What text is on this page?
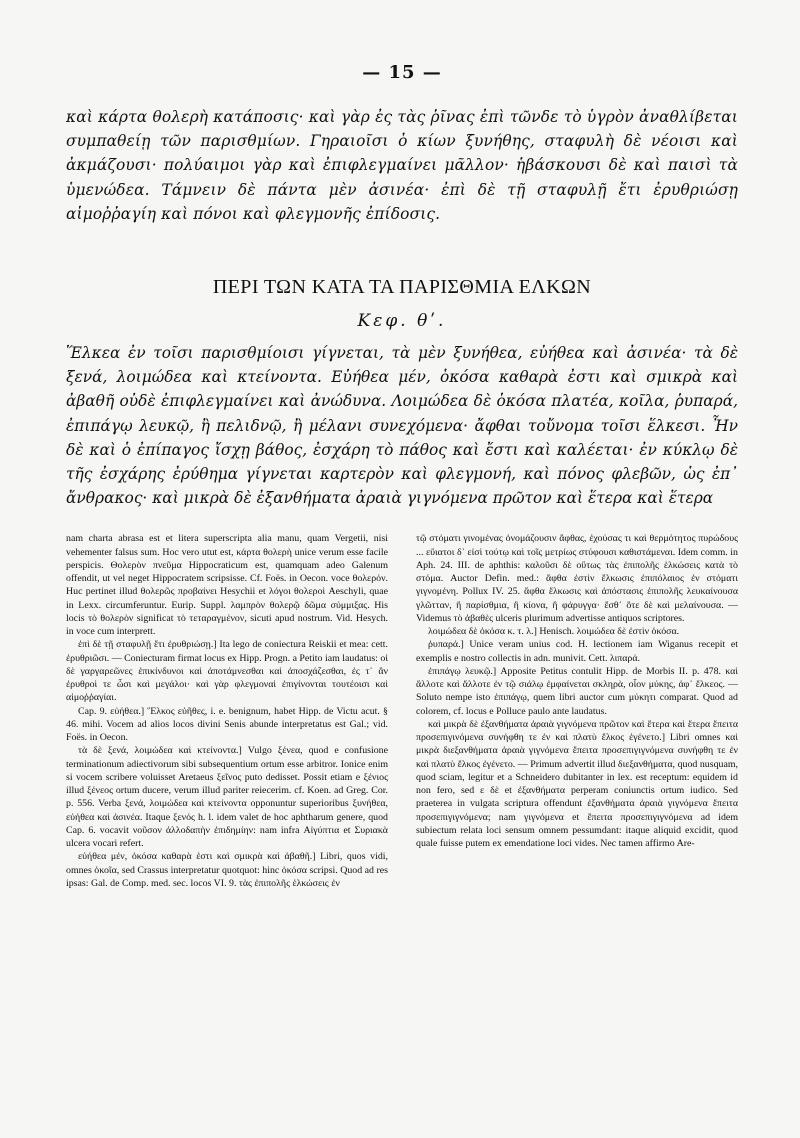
— 15 —

καὶ κάρτα θολερὴ κατάποσις· καὶ γὰρ ἐς τὰς ῥῖνας ἐπὶ τῶνδε τὸ ὑγρὸν ἀναθλίβεται συμπαθείῃ τῶν παρισθμίων. Γηραιοῖσι ὁ κίων ξυνήθης, σταφυλὴ δὲ νέοισι καὶ ἀκμάζουσι· πολύαιμοι γὰρ καὶ ἐπιφλεγμαίνει μᾶλλον· ἡβάσκουσι δὲ καὶ παισὶ τὰ ὑμενώδεα. Τάμνειν δὲ πάντα μὲν ἀσινέα· ἐπὶ δὲ τῇ σταφυλῇ ἔτι ἐρυθριώσῃ αἱμοῤῥαγίη καὶ πόνοι καὶ φλεγμονῆς ἐπίδοσις.

ΠΕΡΙ ΤΩΝ ΚΑΤΑ ΤΑ ΠΑΡΙΣΘΜΙΑ ΕΛΚΩΝ
Κεφ. θʹ.

Ἕλκεα ἐν τοῖσι παρισθμίοισι γίγνεται, τὰ μὲν ξυνήθεα, εὐήθεα καὶ ἀσινέα· τὰ δὲ ξενά, λοιμώδεα καὶ κτείνοντα. Εὐήθεα μέν, ὁκόσα καθαρὰ ἐστι καὶ σμικρὰ καὶ ἀβαθῆ οὐδὲ ἐπιφλεγμαίνει καὶ ἀνώδυνα. Λοιμώδεα δὲ ὁκόσα πλατέα, κοῖλα, ῥυπαρά, ἐπιπάγῳ λευκῷ, ἢ πελιδνῷ, ἢ μέλανι συνεχόμενα· ἄφθαι τοὔνομα τοῖσι ἕλκεσι. Ἦν δὲ καὶ ὁ ἐπίπαγος ἴσχῃ βάθος, ἐσχάρη τὸ πάθος καὶ ἔστι καὶ καλέεται· ἐν κύκλῳ δὲ τῆς ἐσχάρης ἐρύθημα γίγνεται καρτερὸν καὶ φλεγμονή, καὶ πόνος φλεβῶν, ὡς ἐπ᾽ ἄνθρακος· καὶ μικρὰ δὲ ἐξανθήματα ἀραιὰ γιγνόμενα πρῶτον καὶ ἕτερα καὶ ἕτερα

nam charta abrasa est et litera superscripta alia manu, quam Vergetii, nisi vehementer falsus sum. Hoc vero utut est, κάρτα θολερὴ unice verum esse facile perspicis. Θολερὸν πνεῦμα Hippocraticum est, quamquam adeo Galenum offendit, ut vel neget Hippocratem scripsisse. Cf. Foës. in Oecon. voce θολερόν. Huc pertinet illud θολερῶς προβαίνει Hesychii et λόγοι θολεροὶ Aeschyli, quae in Lexx. circumferuntur. Eurip. Suppl. λαμπρὸν θολερῷ δῶμα σύμμιξας. His locis τὸ θολερὸν significat τὸ τεταραγμένον, sicuti apud nostrum. Vid. Hesych. in voce cum interprett.

ἐπὶ δὲ τῇ σταφυλῇ ἔτι ἐρυθριώσῃ.] Ita lego de coniectura Reiskii et mea: cett. ἐρυθριῶσι. — Coniecturam firmat locus ex Hipp. Progn. a Petito iam laudatus: οἱ δὲ γαργαρεῶνες ἐπικίνδυνοι καὶ ἀποτάμνεσθαι καὶ ἀποσχάζεσθαι, ἐς τ᾽ ἂν ἐρυθροὶ τε ὦσι καὶ μεγάλοι· καὶ γὰρ φλεγμοναὶ ἐπιγίνονται τουτέοισι καὶ αἱμοῤῥαγίαι.

Cap. 9. εὐήθεα.] Ἕλκος εὐῆθες, i. e. benignum, habet Hipp. de Victu acut. § 46. mihi. Vocem ad alios locos divini Senis abunde interpretatus est Gal.; vid. Foës. in Oecon.

τὰ δὲ ξενά, λοιμώδεα καὶ κτείνοντα.] Vulgo ξένεα, quod e confusione terminationum adiectivorum sibi subsequentium ortum esse arbitror. Ionice enim si vocem scribere voluisset Aretaeus ξεῖνος puto dedisset. Possit etiam e ξένιος illud ξένεος ortum ducere, verum illud pariter reiecerim. cf. Koen. ad Greg. Cor. p. 556. Verba ξενά, λοιμώδεα καὶ κτείνοντα opponuntur superioribus ξυνήθεα, εὐήθεα καὶ ἀσινέα. Itaque ξενός h. l. idem valet de hoc aphtharum genere, quod Cap. 6. vocavit νοῦσον ἀλλοδαπὴν ἐπιδημίην: nam infra Αἰγύπτια et Συριακὰ ulcera vocari refert.

εὐήθεα μέν, ὁκόσα καθαρὰ ἐστι καὶ σμικρὰ καὶ ἀβαθῆ.] Libri, quos vidi, omnes ὁκοῖα, sed Crassus interpretatur quotquot: hinc ὁκόσα scripsi. Quod ad res ipsas: Gal. de Comp. med. sec. locos VI. 9. τὰς ἐπιπολῆς ἑλκώσεις ἐν

τῷ στόματι γινομένας ὀνομάζουσιν ἄφθας, ἐχούσας τι καὶ θερμότητος πυρώδους ... εὔιατοι δ᾽ εἰσὶ τούτῳ καὶ τοῖς μετρίως στύφουσι καθιστάμεναι. Idem comm. in Aph. 24. III. de aphthis: καλοῦσι δὲ οὕτως τὰς ἐπιπολῆς ἑλκώσεις κατὰ τὸ στόμα. Auctor Defin. med.: ἄφθα ἐστὶν ἕλκωσις ἐπιπόλαιος ἐν στόματι γιγνομένη. Pollux IV. 25. ἄφθα ἕλκωσις καὶ ἀπόστασις ἐπιπολῆς λευκαίνουσα γλῶτταν, ἢ παρίσθμια, ἢ κίονα, ἢ φάρυγγα· ἔσθ᾽ ὅτε δὲ καὶ μελαίνουσα. — Videmus τὸ ἀβαθὲς ulceris plurimum advertisse antiquos scriptores.

λοιμώδεα δὲ ὁκόσα κ. τ. λ.] Henisch. λοιμώδεα δὲ ἐστὶν ὁκόσα.

ῥυπαρά.] Unice veram unius cod. H. lectionem iam Wiganus recepit et exemplis e nostro collectis in adn. munivit. Cett. λιπαρά.

ἐπιπάγῳ λευκῷ.] Apposite Petitus contulit Hipp. de Morbis II. p. 478. καὶ ἄλλοτε καὶ ἄλλοτε ἐν τῷ σιάλῳ ἐμφαίνεται σκληρὰ, οἷον μύκης, ἀφ᾽ ἕλκεος. — Soluto nempe isto ἐπιπάγῳ, quem libri auctor cum μύκητι comparat. Quod ad colorem, cf. locus e Polluce paulo ante laudatus.

καὶ μικρὰ δὲ ἐξανθήματα ἀραιὰ γιγνόμενα πρῶτον καὶ ἕτερα καὶ ἕτερα ἔπειτα προσεπιγινόμενα συνήφθη τε ἐν καὶ πλατὺ ἕλκος ἐγένετο.] Libri omnes καὶ μικρὰ διεξανθήματα ἀραιὰ γιγνόμενα ἔπειτα προσεπιγιγνόμενα συνήφθη τε ἐν καὶ πλατὺ ἕλκος ἐγένετο. — Primum advertit illud διεξανθήματα, quod nusquam, quod sciam, legitur et a Schneidero dubitanter in lex. est receptum: equidem id non fero, sed ε δὲ et ἐξανθήματα perperam coniunctis ortum iudico. Sed praeterea in vulgata scriptura offendunt ἐξανθήματα ἀραιὰ γιγνόμενα ἔπειτα προσεπιγιγνόμενα; nam γιγνόμενα et ἔπειτα προσεπιγιγνόμενα ad idem subiectum relata loci sensum omnem pessumdant: itaque aliquid excidit, quod quale fuisse putem ex emendatione loci vides. Nec tamen affirmo Are-
